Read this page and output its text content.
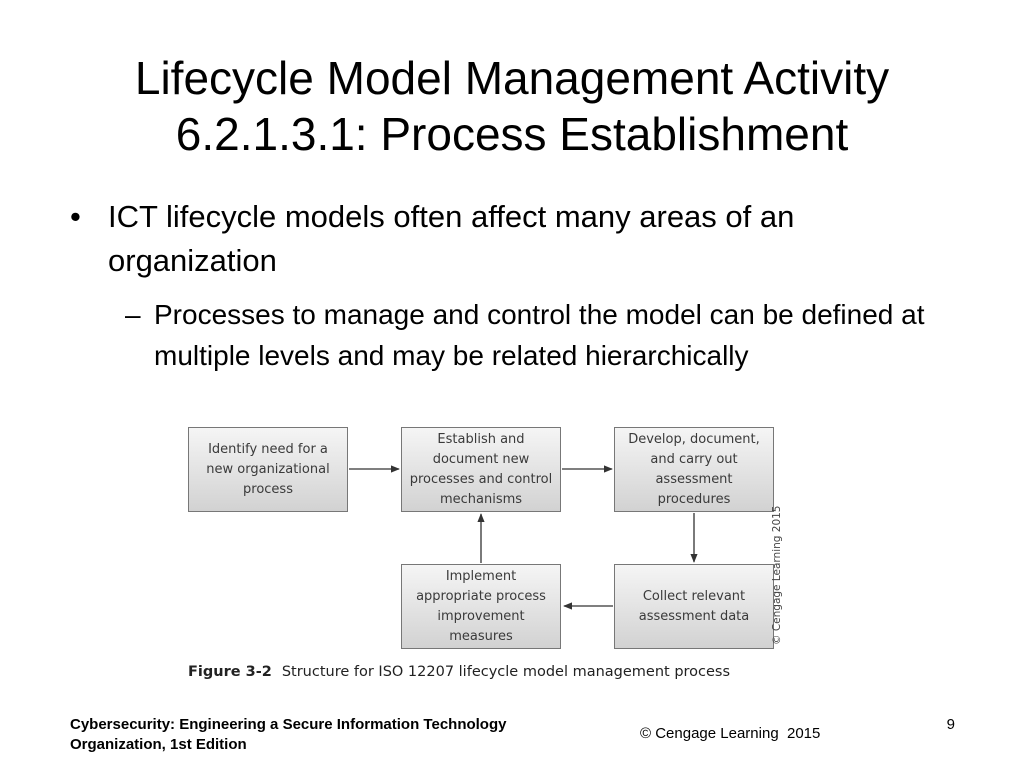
Lifecycle Model Management Activity
6.2.1.3.1: Process Establishment
• ICT lifecycle models often affect many areas of an organization
– Processes to manage and control the model can be defined at multiple levels and may be related hierarchically
Identify need for a new organizational process
Establish and document new processes and control mechanisms
Develop, document, and carry out assessment procedures
Implement appropriate process improvement measures
Collect relevant assessment data	© Cengage Learning 2015
Figure 3-2 Structure for ISO 12207 lifecycle model management process
Cybersecurity: Engineering a Secure Information Technology
Organization, 1st Edition
© Cengage Learning  2015
9
